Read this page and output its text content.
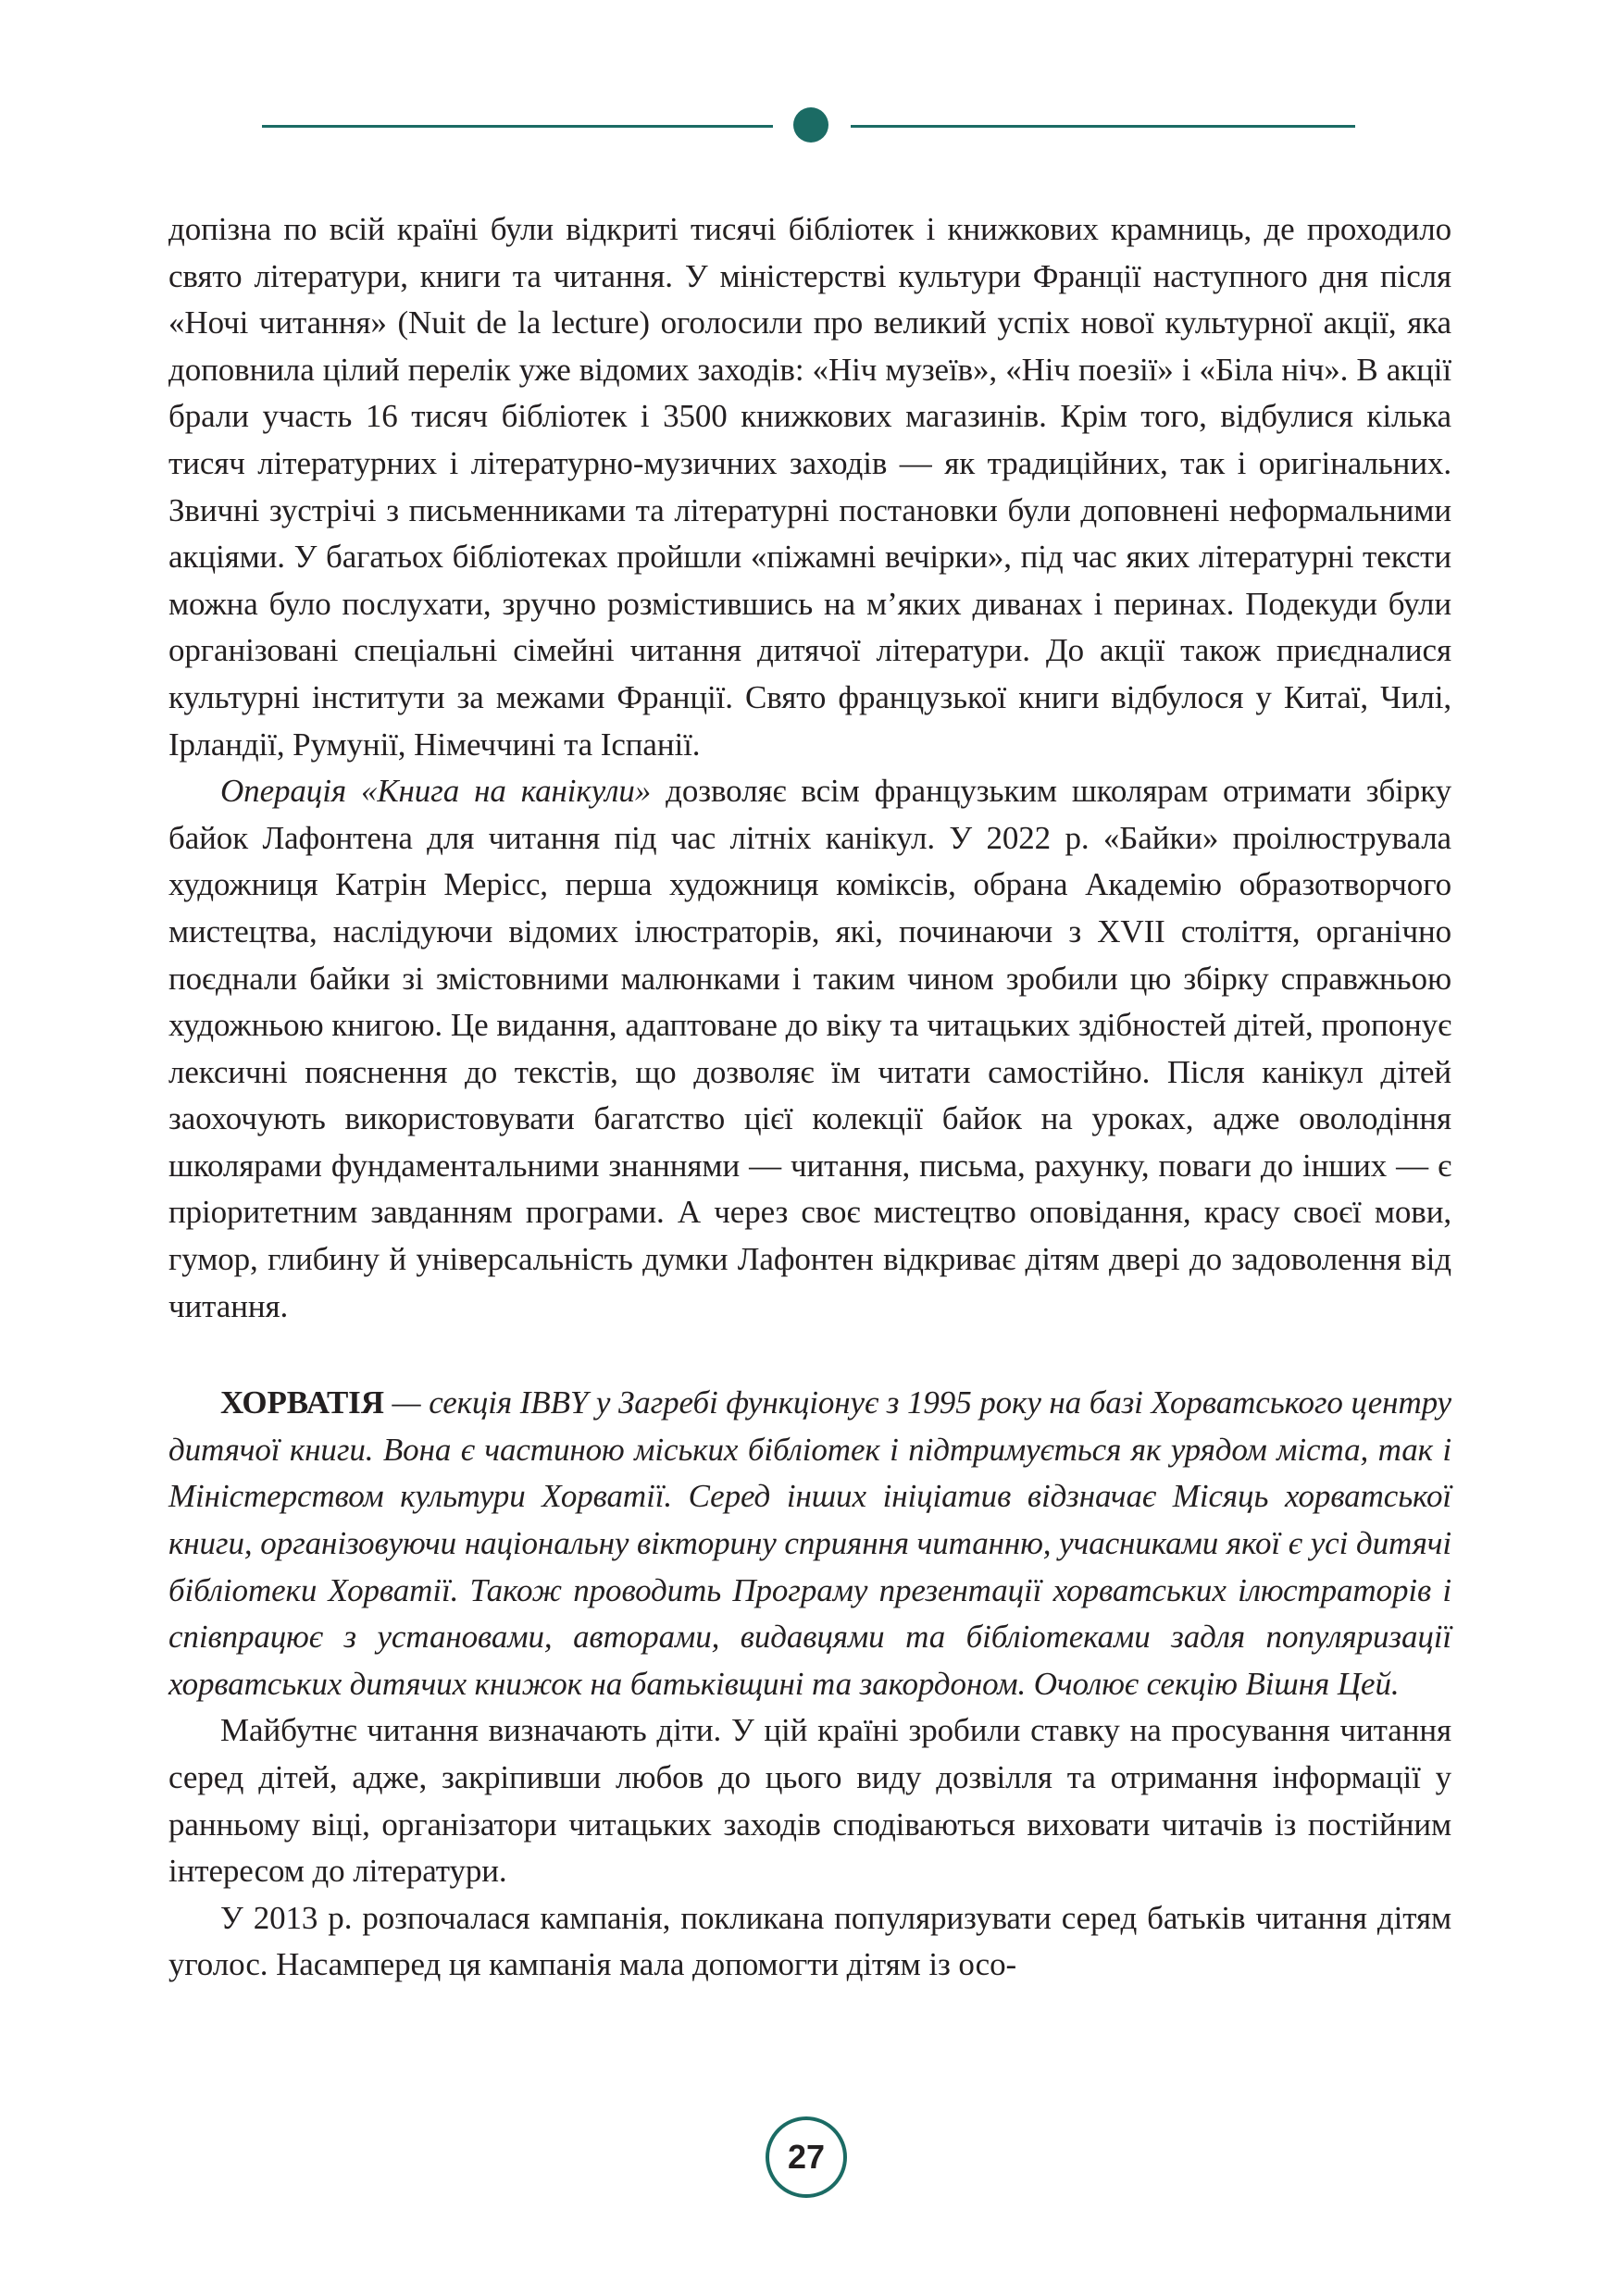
допізна по всій країні були відкриті тисячі бібліотек і книжкових крамниць, де проходило свято літератури, книги та читання. У міністерстві культури Франції наступного дня після «Ночі читання» (Nuit de la lecture) оголосили про великий успіх нової культурної акції, яка доповнила цілий перелік уже відомих заходів: «Ніч музеїв», «Ніч поезії» і «Біла ніч». В акції брали участь 16 тисяч бібліотек і 3500 книжкових магазинів. Крім того, відбулися кілька тисяч літературних і літературно-музичних заходів — як традиційних, так і оригінальних. Звичні зустрічі з письменниками та літературні постановки були доповнені неформальними акціями. У багатьох бібліотеках пройшли «піжамні вечірки», під час яких літературні тексти можна було послухати, зручно розмістившись на м’яких диванах і перинах. Подекуди були організовані спеціальні сімейні читання дитячої літератури. До акції також приєдналися культурні інститути за межами Франції. Свято французької книги відбулося у Китаї, Чилі, Ірландії, Румунії, Німеччині та Іспанії.

Операція «Книга на канікули» дозволяє всім французьким школярам отримати збірку байок Лафонтена для читання під час літніх канікул. У 2022 р. «Байки» проілюструвала художниця Катрін Мерісс, перша художниця коміксів, обрана Академію образотворчого мистецтва, наслідуючи відомих ілюстраторів, які, починаючи з XVII століття, органічно поєднали байки зі змістовними малюнками і таким чином зробили цю збірку справжньою художньою книгою. Це видання, адаптоване до віку та читацьких здібностей дітей, пропонує лексичні пояснення до текстів, що дозволяє їм читати самостійно. Після канікул дітей заохочують використовувати багатство цієї колекції байок на уроках, адже оволодіння школярами фундаментальними знаннями — читання, письма, рахунку, поваги до інших — є пріоритетним завданням програми. А через своє мистецтво оповідання, красу своєї мови, гумор, глибину й універсальність думки Лафонтен відкриває дітям двері до задоволення від читання.

ХОРВАТІЯ — секція IBBY у Загребі функціонує з 1995 року на базі Хорватського центру дитячої книги. Вона є частиною міських бібліотек і підтримується як урядом міста, так і Міністерством культури Хорватії. Серед інших ініціатив відзначає Місяць хорватської книги, організовуючи національну вікторину сприяння читанню, учасниками якої є усі дитячі бібліотеки Хорватії. Також проводить Програму презентації хорватських ілюстраторів і співпрацює з установами, авторами, видавцями та бібліотеками задля популяризації хорватських дитячих книжок на батьківщині та закордоном. Очолює секцію Вішня Цей.

Майбутнє читання визначають діти. У цій країні зробили ставку на просування читання серед дітей, адже, закріпивши любов до цього виду дозвілля та отримання інформації у ранньому віці, організатори читацьких заходів сподіваються виховати читачів із постійним інтересом до літератури.

У 2013 р. розпочалася кампанія, покликана популяризувати серед батьків читання дітям уголос. Насамперед ця кампанія мала допомогти дітям із осо-

27
